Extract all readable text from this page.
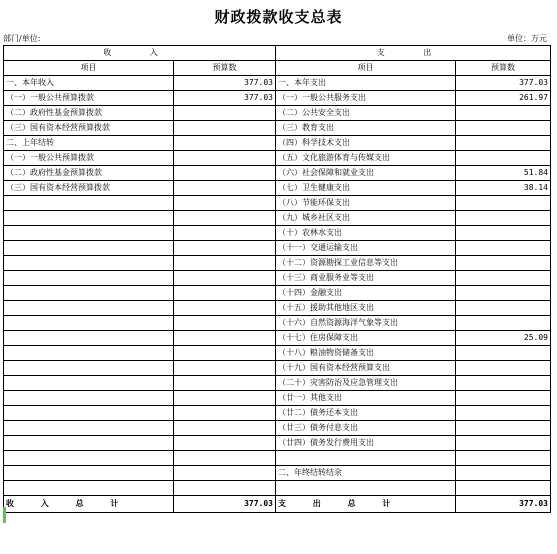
财政拨款收支总表
部门/单位:	单位：万元
收 入		支 出	
项目	预算数	项目	预算数
一、本年收入	377.03	一、本年支出	377.03
（一）一般公共预算拨款	377.03	（一）一般公共服务支出	261.97
（二）政府性基金预算拨款		（二）公共安全支出	
（三）国有资本经营预算拨款		（三）教育支出	
二、上年结转		（四）科学技术支出	
（一）一般公共预算拨款		（五）文化旅游体育与传媒支出	
（二）政府性基金预算拨款		（六）社会保障和就业支出	51.84
（三）国有资本经营预算拨款		（七）卫生健康支出	38.14
		（八）节能环保支出	
		（九）城乡社区支出	
		（十）农林水支出	
		（十一）交通运输支出	
		（十二）资源勘探工业信息等支出	
		（十三）商业服务业等支出	
		（十四）金融支出	
		（十五）援助其他地区支出	
		（十六）自然资源海洋气象等支出	
		（十七）住房保障支出	25.09
		（十八）粮油物资储备支出	
		（十九）国有资本经营预算支出	
		（二十）灾害防治及应急管理支出	
		（廿一）其他支出	
		（廿二）债务还本支出	
		（廿三）债务付息支出	
		（廿四）债务发行费用支出	

		二、年终结转结余	

收 入 总 计	377.03	支 出 总 计	377.03
